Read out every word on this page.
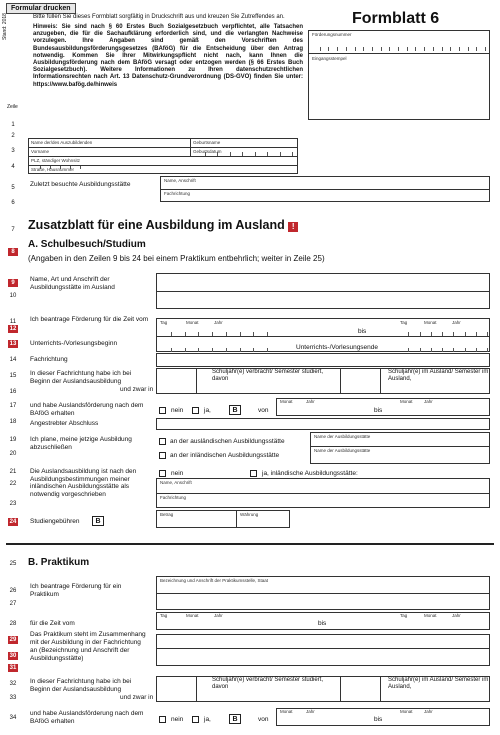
Formular drucken
Stand: 2018	Bitte füllen Sie dieses Formblatt sorgfältig in Druckschrift aus und kreuzen Sie Zutreffendes an.
Hinweis: Sie sind nach § 60 Erstes Buch Sozialgesetzbuch verpflichtet, alle Tatsachen anzugeben, die für die Sachaufklärung erforderlich sind, und die verlangten Nachweise vorzulegen. Ihre Angaben sind gemäß den Vorschriften des Bundesausbildungsförderungsgesetzes (BAföG) für die Entscheidung über den Antrag notwendig. Kommen Sie Ihrer Mitwirkungspflicht nicht nach, kann Ihnen die Ausbildungsförderung nach dem BAföG versagt oder entzogen werden (§ 66 Erstes Buch Sozialgesetzbuch). Weitere Informationen zu Ihren datenschutzrechtlichen Informationsrechten nach Art. 13 Datenschutz-Grundverordnung (DS-GVO) finden Sie unter: https://www.bafög.de/hinweis
Formblatt 6
Förderungsnummer
Eingangsstempel
Zeile
1
2
3
4
5
6
7
8
9
10
11
12
13
14
15
16
17
18
19
20
21
22
23
24
25
26
27
28
29
30
31
32
33
34
Name der/des Auszubildenden	Geburtsname
Vorname	Geburtsdatum
PLZ, ständiger Wohnsitz
Straße, Hausnummer
Zuletzt besuchte Ausbildungsstätte
Name, Anschrift
Fachrichtung
Zusatzblatt für eine Ausbildung im Ausland !
A. Schulbesuch/Studium
(Angaben in den Zeilen 9 bis 24 bei einem Praktikum entbehrlich; weiter in Zeile 25)
Name, Art und Anschrift der Ausbildungsstätte im Ausland
Ich beantrage Förderung für die Zeit vom	Tag	Monat	Jahr
bis
Tag	Monat	Jahr
Unterrichts-/Vorlesungsbeginn
Unterrichts-/Vorlesungsende
Fachrichtung
In dieser Fachrichtung habe ich bei Beginn der Auslandsausbildung
Schuljahr(e) verbracht/ Semester studiert, davon
Schuljahr(e) im Ausland/ Semester im Ausland,
und zwar in
und habe Auslandsförderung nach dem BAföG erhalten	nein	ja,	B	von
Monat	Jahr
bis
Monat	Jahr
Angestrebter Abschluss
Ich plane, meine jetzige Ausbildung abzuschließen
an der ausländischen Ausbildungsstätte
an der inländischen Ausbildungsstätte
Name der Ausbildungsstätte
Name der Ausbildungsstätte
Die Auslandsausbildung ist nach den Ausbildungsbestimmungen meiner inländischen Ausbildungsstätte als notwendig vorgeschrieben
nein	ja, inländische Ausbildungsstätte:
Name, Anschrift
Fachrichtung
Betrag	Währung
Studiengebühren	B
B. Praktikum
Ich beantrage Förderung für ein Praktikum
Bezeichnung und Anschrift der Praktikumsstelle, Staat
für die Zeit vom
Tag	Monat	Jahr
bis
Tag	Monat	Jahr
Das Praktikum steht im Zusammenhang mit der Ausbildung in der Fachrichtung
an (Bezeichnung und Anschrift der Ausbildungsstätte)
In dieser Fachrichtung habe ich bei Beginn der Auslandsausbildung
Schuljahr(e) verbracht/ Semester studiert, davon
Schuljahr(e) im Ausland/ Semester im Ausland,
und zwar in
und habe Auslandsförderung nach dem BAföG erhalten	nein	ja,	B	von
Monat	Jahr
bis
Monat	Jahr
